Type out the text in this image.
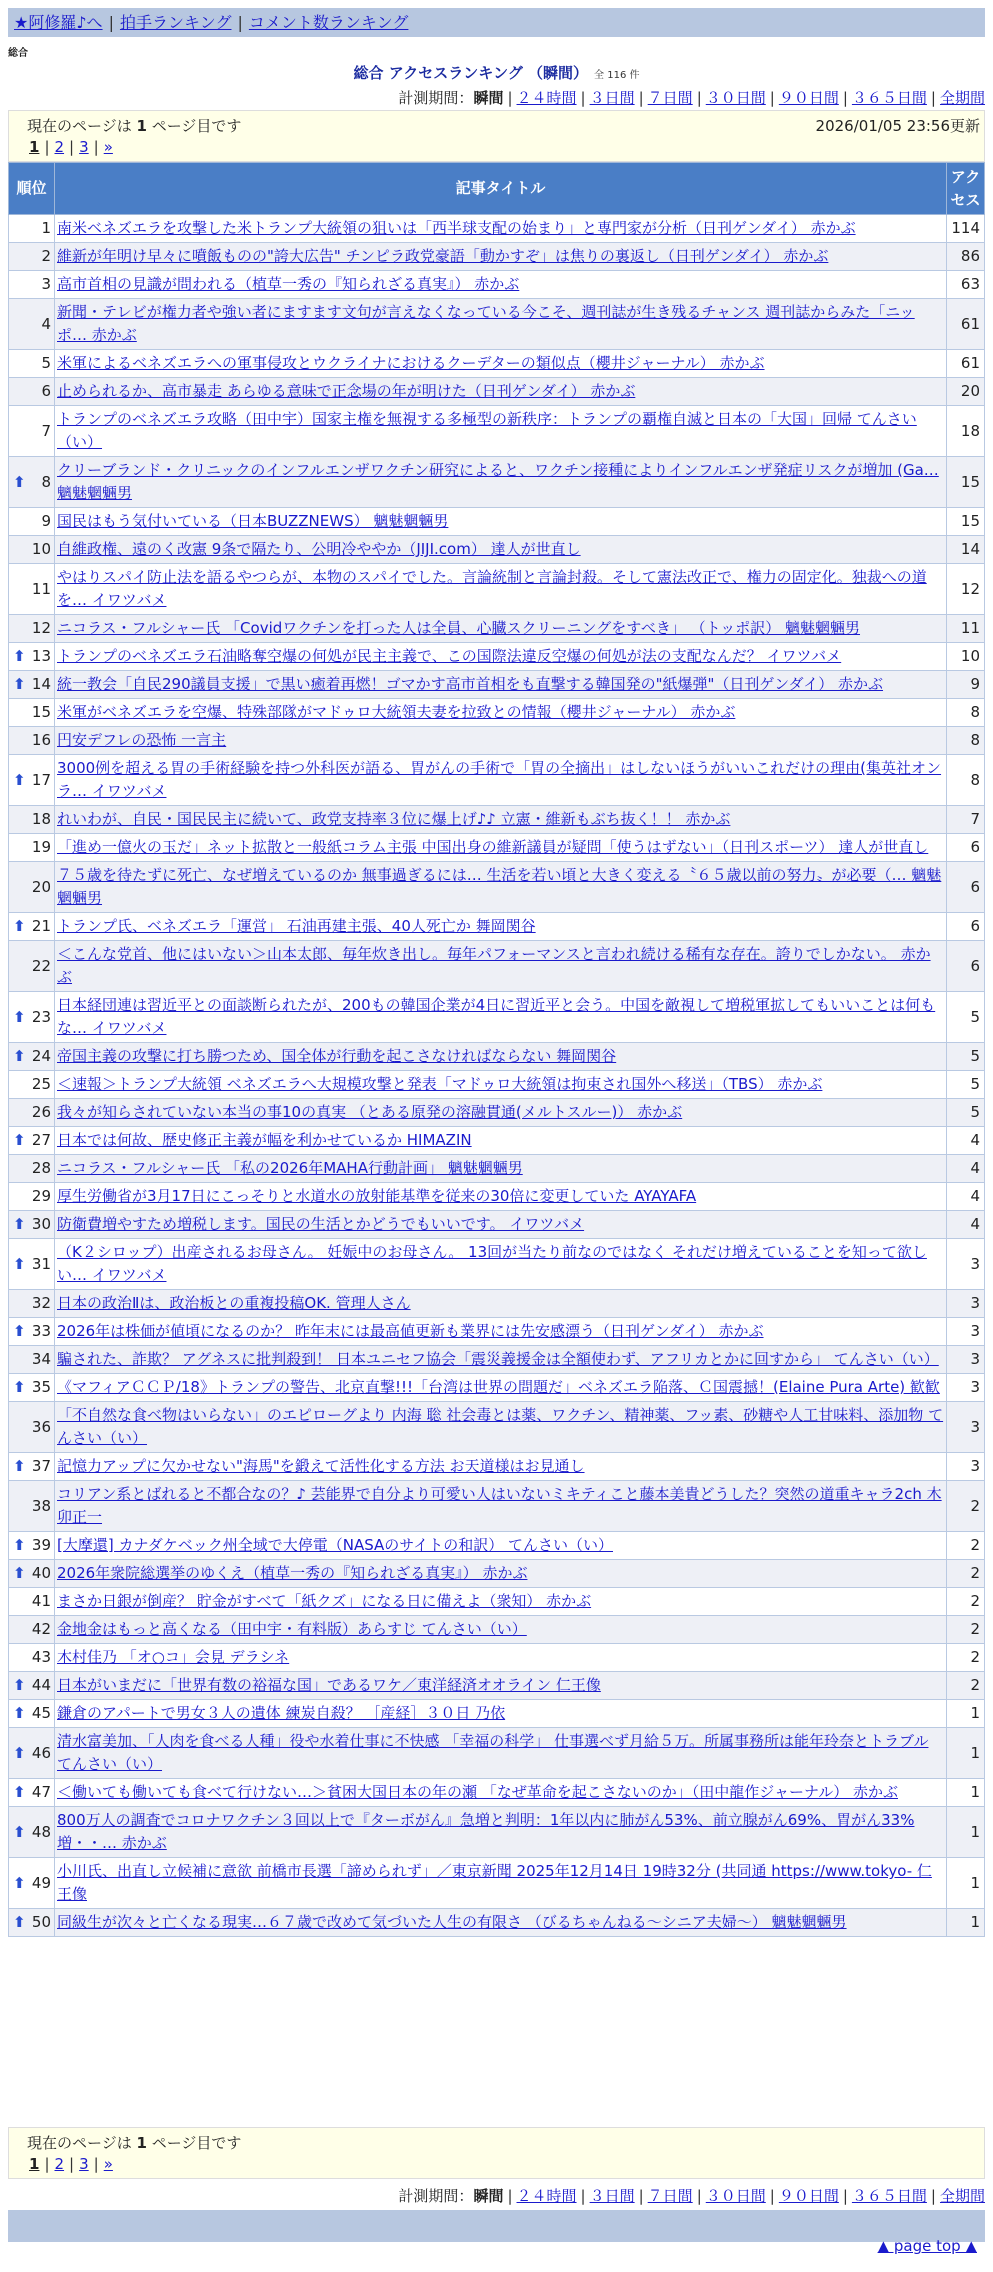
★阿修羅♪へ | 拍手ランキング | コメント数ランキング
総合
総合 アクセスランキング （瞬間） 全 116 件
計測期間：瞬間 | ２４時間 | ３日間 | ７日間 | ３０日間 | ９０日間 | ３６５日間 | 全期間
現在のページは 1 ページ目です	2026/01/05 23:56更新
1 | 2 | 3 | »
順位	記事タイトル	アクセス
1	南米ベネズエラを攻撃した米トランプ大統領の狙いは「西半球支配の始まり」と専門家が分析（日刊ゲンダイ） 赤かぶ	114
2	維新が年明け早々に噴飯ものの"誇大広告" チンピラ政党豪語「動かすぞ」は焦りの裏返し（日刊ゲンダイ） 赤かぶ	86
3	高市首相の見識が問われる（植草一秀の『知られざる真実』） 赤かぶ	63
4	新聞・テレビが権力者や強い者にますます文句が言えなくなっている今こそ、週刊誌が生き残るチャンス 週刊誌からみた「ニッポ… 赤かぶ	61
5	米軍によるベネズエラへの軍事侵攻とウクライナにおけるクーデターの類似点（櫻井ジャーナル） 赤かぶ	61
6	止められるか、高市暴走 あらゆる意味で正念場の年が明けた（日刊ゲンダイ） 赤かぶ	20
7	トランプのベネズエラ攻略（田中宇）国家主権を無視する多極型の新秩序：トランプの覇権自滅と日本の「大国」回帰 てんさい（い）	18

⬆ 8	クリーブランド・クリニックのインフルエンザワクチン研究によると、ワクチン接種によりインフルエンザ発症リスクが増加 (Ga… 魑魅魍魎男	15
9	国民はもう気付いている（日本BUZZNEWS） 魑魅魍魎男	15
10	自維政権、遠のく改憲 9条で隔たり、公明冷ややか（JIJI.com） 達人が世直し	14
11	やはりスパイ防止法を語るやつらが、本物のスパイでした。言論統制と言論封殺。そして憲法改正で、権力の固定化。独裁への道を… イワツバメ	12
12	ニコラス・フルシャー氏 「Covidワクチンを打った人は全員、心臓スクリーニングをすべき」 （トッポ訳） 魑魅魍魎男	11

⬆ 13	トランプのベネズエラ石油略奪空爆の何処が民主主義で、この国際法違反空爆の何処が法の支配なんだ？ イワツバメ	10

⬆ 14	統一教会「自民290議員支援」で黒い癒着再燃！ゴマかす高市首相をも直撃する韓国発の"紙爆弾"（日刊ゲンダイ） 赤かぶ	9
15	米軍がベネズエラを空爆、特殊部隊がマドゥロ大統領夫妻を拉致との情報（櫻井ジャーナル） 赤かぶ	8
16	円安デフレの恐怖 一言主	8

⬆ 17	3000例を超える胃の手術経験を持つ外科医が語る、胃がんの手術で「胃の全摘出」はしないほうがいいこれだけの理由(集英社オンラ… イワツバメ	8
18	れいわが、自民・国民民主に続いて、政党支持率３位に爆上げ♪♪ 立憲・維新もぶち抜く！！ 赤かぶ	7
19	「進め一億火の玉だ」ネット拡散と一般紙コラム主張 中国出身の維新議員が疑問「使うはずない」（日刊スポーツ） 達人が世直し	6
20	７５歳を待たずに死亡、なぜ増えているのか 無事過ぎるには… 生活を若い頃と大きく変える〝６５歳以前の努力〟が必要（… 魑魅魍魎男	6

⬆ 21	トランプ氏、ベネズエラ「運営」 石油再建主張、40人死亡か 舞岡関谷	6
22	＜こんな党首、他にはいない＞山本太郎、毎年炊き出し。毎年パフォーマンスと言われ続ける稀有な存在。誇りでしかない。 赤かぶ	6

⬆ 23	日本経団連は習近平との面談断られたが、200もの韓国企業が4日に習近平と会う。中国を敵視して増税軍拡してもいいことは何もな… イワツバメ	5

⬆ 24	帝国主義の攻撃に打ち勝つため、国全体が行動を起こさなければならない 舞岡関谷	5
25	＜速報＞トランプ大統領 ベネズエラへ大規模攻撃と発表「マドゥロ大統領は拘束され国外へ移送」（TBS） 赤かぶ	5
26	我々が知らされていない本当の事10の真実 （とある原発の溶融貫通(メルトスルー)） 赤かぶ	5

⬆ 27	日本では何故、歴史修正主義が幅を利かせているか HIMAZIN	4
28	ニコラス・フルシャー氏 「私の2026年MAHA行動計画」 魑魅魍魎男	4
29	厚生労働省が3月17日にこっそりと水道水の放射能基準を従来の30倍に変更していた AYAYAFA	4

⬆ 30	防衛費増やすため増税します。国民の生活とかどうでもいいです。 イワツバメ	4

⬆ 31	（K２シロップ）出産されるお母さん。 妊娠中のお母さん。 13回が当たり前なのではなく それだけ増えていることを知って欲しい… イワツバメ	3
32	日本の政治Ⅱは、政治板との重複投稿OK. 管理人さん	3

⬆ 33	2026年は株価が値頃になるのか？ 昨年末には最高値更新も業界には先安感漂う（日刊ゲンダイ） 赤かぶ	3
34	騙された、詐欺？ アグネスに批判殺到！ 日本ユニセフ協会「震災義援金は全額使わず、アフリカとかに回すから」 てんさい（い）	3

⬆ 35	《マフィアＣＣＰ/18》トランプの警告、北京直撃!!!「台湾は世界の問題だ」ベネズエラ陥落、Ｃ国震撼！(Elaine Pura Arte) 歓歓	3
36	「不自然な食べ物はいらない」のエピローグより 内海 聡 社会毒とは薬、ワクチン、精神薬、フッ素、砂糖や人工甘味料、添加物 てんさい（い）	3

⬆ 37	記憶力アップに欠かせない"海馬"を鍛えて活性化する方法 お天道様はお見通し	3
38	コリアン系とばれると不都合なの？♪ 芸能界で自分より可愛い人はいないミキティこと藤本美貴どうした？突然の道重キャラ2ch 木卯正一	2

⬆ 39	[大摩還] カナダケベック州全域で大停電（NASAのサイトの和訳） てんさい（い）	2

⬆ 40	2026年衆院総選挙のゆくえ（植草一秀の『知られざる真実』） 赤かぶ	2
41	まさか日銀が倒産？ 貯金がすべて「紙クズ」になる日に備えよ（衆知） 赤かぶ	2
42	金地金はもっと高くなる（田中宇・有料版）あらすじ てんさい（い）	2
43	木村佳乃 「オ○コ」会見 デラシネ	2

⬆ 44	日本がいまだに「世界有数の裕福な国」であるワケ／東洋経済オオライン 仁王像	2

⬆ 45	鎌倉のアパートで男女３人の遺体 練炭自殺？ ［産経］３０日 乃依	1

⬆ 46	清水富美加、「人肉を食べる人種」役や水着仕事に不快感 「幸福の科学」 仕事選べず月給５万。所属事務所は能年玲奈とトラブル てんさい（い）	1

⬆ 47	＜働いても働いても食べて行けない…＞貧困大国日本の年の瀬 「なぜ革命を起こさないのか」（田中龍作ジャーナル） 赤かぶ	1

⬆ 48	800万人の調査でコロナワクチン３回以上で『ターボがん』急増と判明：1年以内に肺がん53%、前立腺がん69%、胃がん33%増・・… 赤かぶ	1

⬆ 49	小川氏、出直し立候補に意欲 前橋市長選「諦められず」／東京新聞 2025年12月14日 19時32分 (共同通 https://www.tokyo- 仁王像	1

⬆ 50	同級生が次々と亡くなる現実…６７歳で改めて気づいた人生の有限さ （びるちゃんねる～シニア夫婦～） 魑魅魍魎男	1
現在のページは 1 ページ目です
1 | 2 | 3 | »
計測期間：瞬間 | ２４時間 | ３日間 | ７日間 | ３０日間 | ９０日間 | ３６５日間 | 全期間
▲ page top ▲
